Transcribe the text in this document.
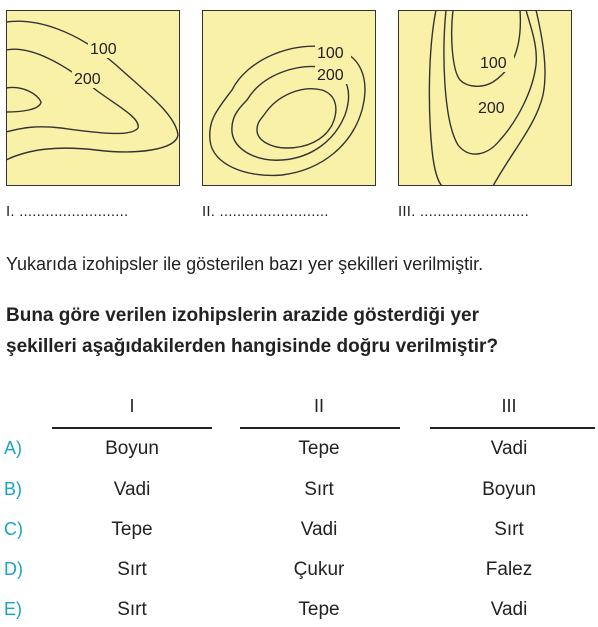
100
200
100
200
100
200
I. .........................	II. .........................	III. .........................
Yukarıda izohipsler ile gösterilen bazı yer şekilleri verilmiştir.
Buna göre verilen izohipslerin arazide gösterdiği yer
şekilleri aşağıdakilerden hangisinde doğru verilmiştir?
I	II	III
A)	Boyun	Tepe	Vadi
B)	Vadi	Sırt	Boyun
C)	Tepe	Vadi	Sırt
D)	Sırt	Çukur	Falez
E)	Sırt	Tepe	Vadi
